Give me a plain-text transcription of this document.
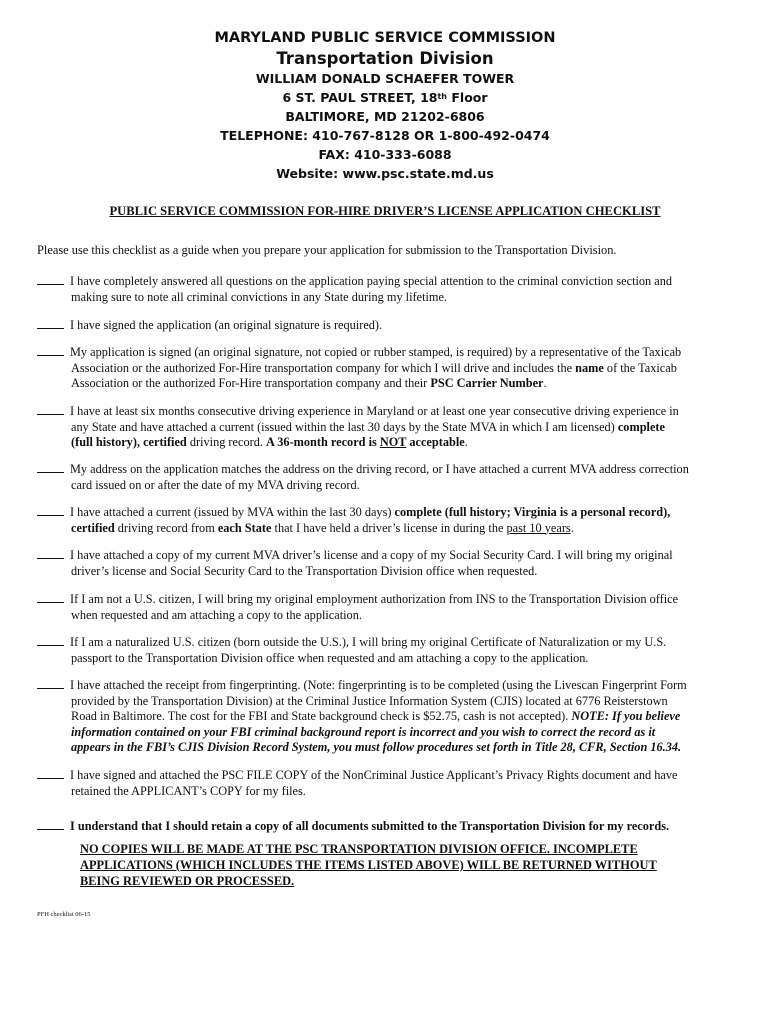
MARYLAND PUBLIC SERVICE COMMISSION
Transportation Division
WILLIAM DONALD SCHAEFER TOWER
6 ST. PAUL STREET, 18th Floor
BALTIMORE, MD 21202-6806
TELEPHONE: 410-767-8128 OR 1-800-492-0474
FAX: 410-333-6088
Website: www.psc.state.md.us
PUBLIC SERVICE COMMISSION FOR-HIRE DRIVER’S LICENSE APPLICATION CHECKLIST
Please use this checklist as a guide when you prepare your application for submission to the Transportation Division.
I have completely answered all questions on the application paying special attention to the criminal conviction section and
making sure to note all criminal convictions in any State during my lifetime.
I have signed the application (an original signature is required).
My application is signed (an original signature, not copied or rubber stamped, is required) by a representative of the Taxicab
Association or the authorized For-Hire transportation company for which I will drive and includes the name of the Taxicab
Association or the authorized For-Hire transportation company and their PSC Carrier Number.
I have at least six months consecutive driving experience in Maryland or at least one year consecutive driving experience in
any State and have attached a current (issued within the last 30 days by the State MVA in which I am licensed) complete
(full history), certified driving record. A 36-month record is NOT acceptable.
My address on the application matches the address on the driving record, or I have attached a current MVA address correction
card issued on or after the date of my MVA driving record.
I have attached a current (issued by MVA within the last 30 days) complete (full history; Virginia is a personal record),
certified driving record from each State that I have held a driver’s license in during the past 10 years.
I have attached a copy of my current MVA driver’s license and a copy of my Social Security Card. I will bring my original
driver’s license and Social Security Card to the Transportation Division office when requested.
If I am not a U.S. citizen, I will bring my original employment authorization from INS to the Transportation Division office
when requested and am attaching a copy to the application.
If I am a naturalized U.S. citizen (born outside the U.S.), I will bring my original Certificate of Naturalization or my U.S.
passport to the Transportation Division office when requested and am attaching a copy to the application.
I have attached the receipt from fingerprinting. (Note: fingerprinting is to be completed (using the Livescan Fingerprint Form
provided by the Transportation Division) at the Criminal Justice Information System (CJIS) located at 6776 Reisterstown
Road in Baltimore. The cost for the FBI and State background check is $52.75, cash is not accepted). NOTE: If you believe
information contained on your FBI criminal background report is incorrect and you wish to correct the record as it
appears in the FBI’s CJIS Division Record System, you must follow procedures set forth in Title 28, CFR, Section 16.34.
I have signed and attached the PSC FILE COPY of the NonCriminal Justice Applicant’s Privacy Rights document and have
retained the APPLICANT’s COPY for my files.
I understand that I should retain a copy of all documents submitted to the Transportation Division for my records.
NO COPIES WILL BE MADE AT THE PSC TRANSPORTATION DIVISION OFFICE. INCOMPLETE
APPLICATIONS (WHICH INCLUDES THE ITEMS LISTED ABOVE) WILL BE RETURNED WITHOUT
BEING REVIEWED OR PROCESSED.
PFH checklist 06-15
